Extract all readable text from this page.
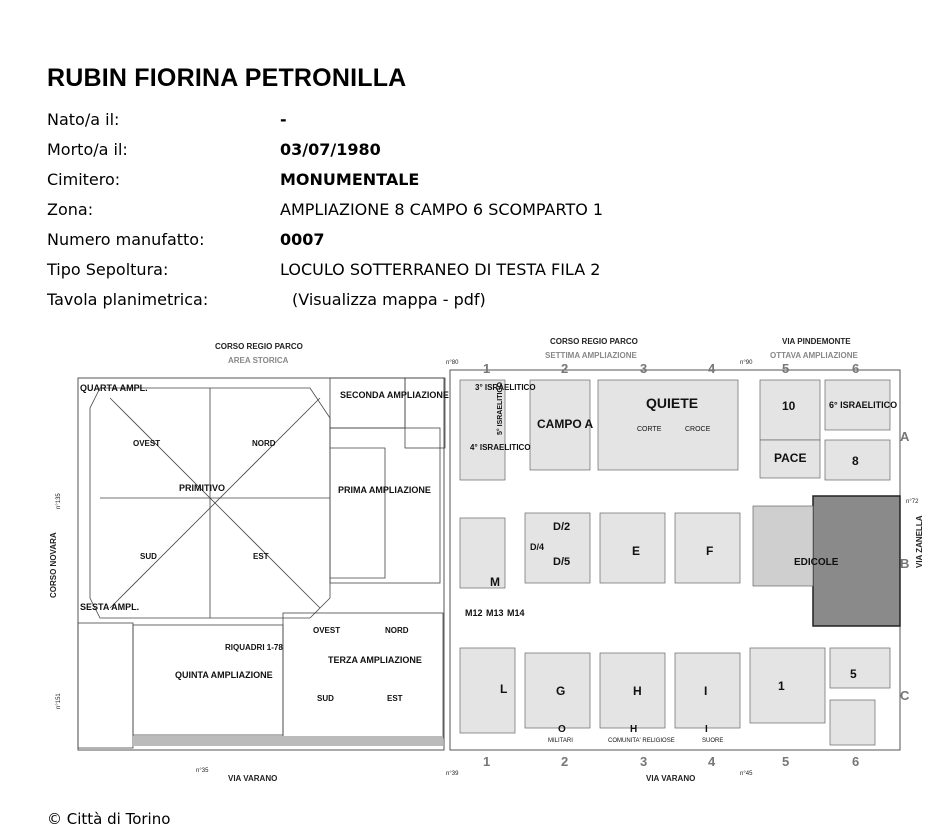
RUBIN FIORINA PETRONILLA
Nato/a il:	-
Morto/a il:	03/07/1980
Cimitero:	MONUMENTALE
Zona:	AMPLIAZIONE 8 CAMPO 6 SCOMPARTO 1
Numero manufatto:	0007
Tipo Sepoltura:	LOCULO SOTTERRANEO DI TESTA FILA 2
Tavola planimetrica:	(Visualizza mappa - pdf)
CORSO REGIO PARCO
CORSO REGIO PARCO	VIA PINDEMONTE
VIA VARANO	VIA VARANO
CORSO NOVARA	VIA ZANELLA
AREA STORICA
SETTIMA AMPLIAZIONE	OTTAVA AMPLIAZIONE
1	2	3	4	5	6
1	2	3	4	5	6
A
B
C
QUARTA AMPL.
PRIMITIVO
OVEST	NORD
SUD	EST
SECONDA AMPLIAZIONE
PRIMA AMPLIAZIONE
SESTA AMPL.
QUINTA AMPLIAZIONE
RIQUADRI 1-78
TERZA AMPLIAZIONE
OVEST	NORD
SUD	EST
3° ISRAELITICO
4° ISRAELITICO
5° ISRAELITICO	6° ISRAELITICO
CAMPO A
QUIETE
CORTE	CROCE
10
PACE	8
M
M12 M13 M14
D/2
D/4
D/5
E	F
EDICOLE
L	G	H	I	1
5
O
MILITARI
H
COMUNITA' RELIGIOSE
I
SUORE
n°80	n°90
n°135
n°151
n°35	n°39	n°45
n°72
© Città di Torino
